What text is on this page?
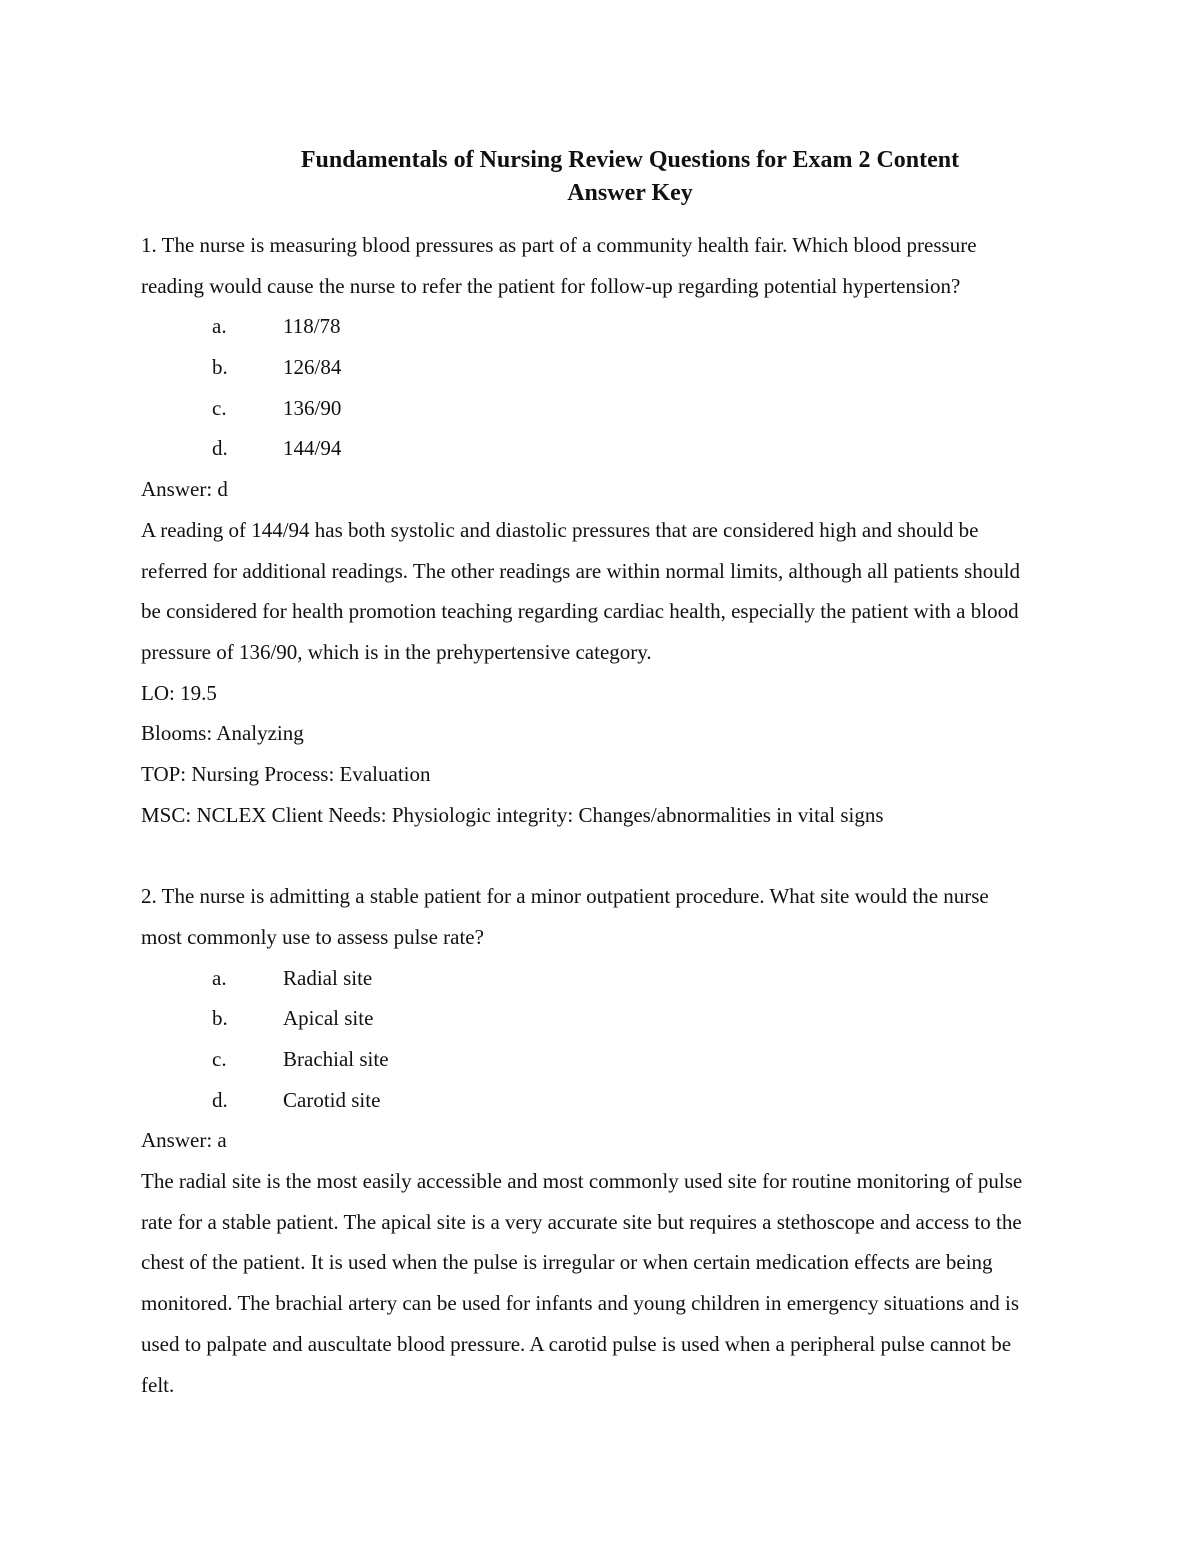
Fundamentals of Nursing Review Questions for Exam 2 Content
Answer Key
1. The nurse is measuring blood pressures as part of a community health fair. Which blood pressure
reading would cause the nurse to refer the patient for follow-up regarding potential hypertension?
a.	118/78
b.	126/84
c.	136/90
d.	144/94
Answer: d
A reading of 144/94 has both systolic and diastolic pressures that are considered high and should be
referred for additional readings. The other readings are within normal limits, although all patients should
be considered for health promotion teaching regarding cardiac health, especially the patient with a blood
pressure of 136/90, which is in the prehypertensive category.
LO: 19.5
Blooms: Analyzing
TOP: Nursing Process: Evaluation
MSC: NCLEX Client Needs: Physiologic integrity: Changes/abnormalities in vital signs
2. The nurse is admitting a stable patient for a minor outpatient procedure. What site would the nurse
most commonly use to assess pulse rate?
a.	Radial site
b.	Apical site
c.	Brachial site
d.	Carotid site
Answer: a
The radial site is the most easily accessible and most commonly used site for routine monitoring of pulse
rate for a stable patient. The apical site is a very accurate site but requires a stethoscope and access to the
chest of the patient. It is used when the pulse is irregular or when certain medication effects are being
monitored. The brachial artery can be used for infants and young children in emergency situations and is
used to palpate and auscultate blood pressure. A carotid pulse is used when a peripheral pulse cannot be
felt.
